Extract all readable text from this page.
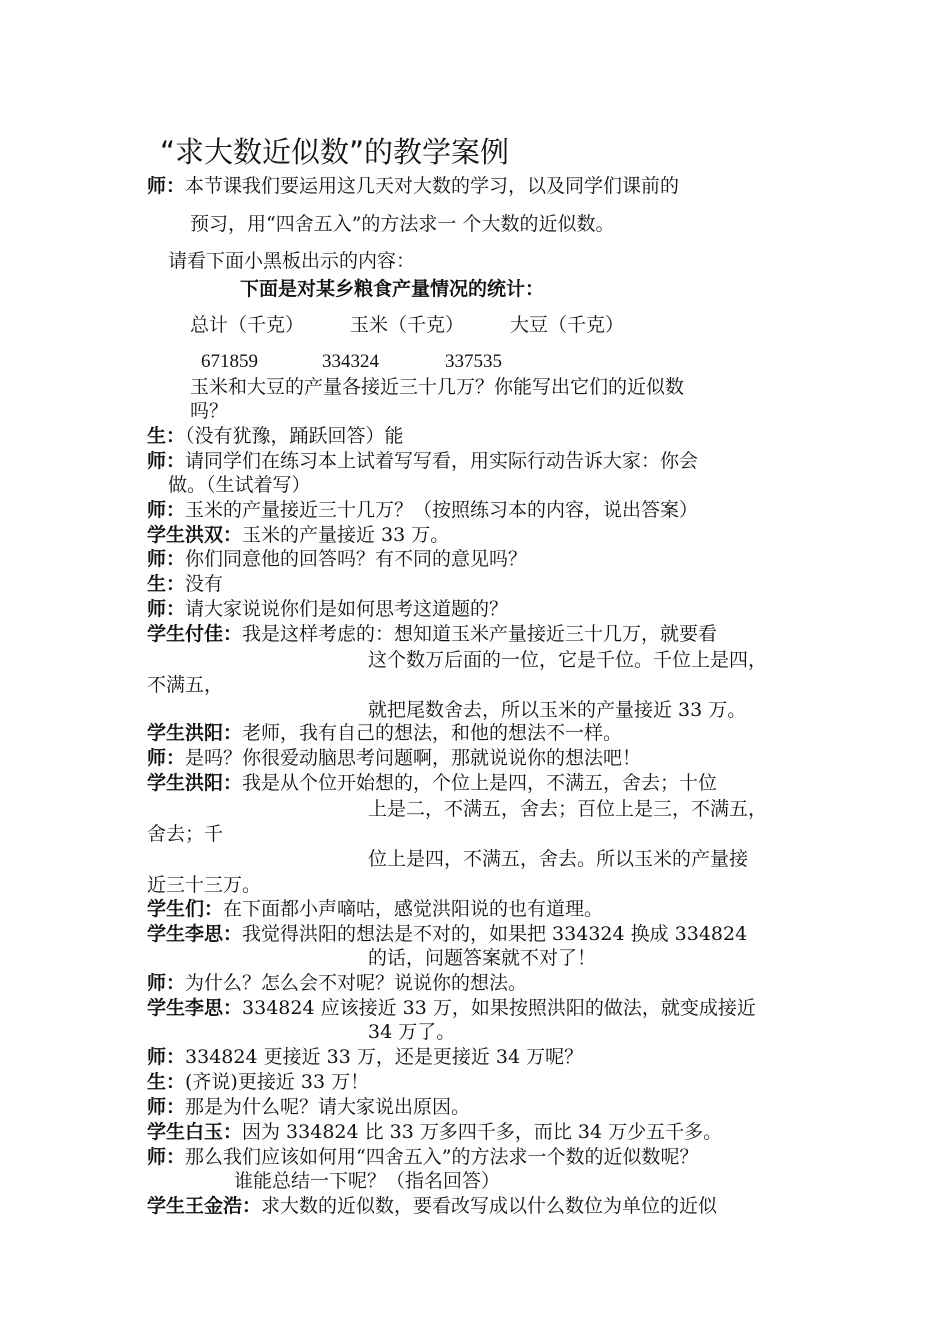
“求大数近似数”的教学案例
师：本节课我们要运用这几天对大数的学习，以及同学们课前的
预习，用“四舍五入”的方法求一 个大数的近似数。
请看下面小黑板出示的内容：
下面是对某乡粮食产量情况的统计：
总计（千克） 玉米（千克） 大豆（千克）
671859	334324	337535
玉米和大豆的产量各接近三十几万？你能写出它们的近似数
吗？
生：（没有犹豫，踊跃回答）能
师：请同学们在练习本上试着写写看，用实际行动告诉大家：你会
做。（生试着写）
师：玉米的产量接近三十几万？（按照练习本的内容，说出答案）
学生洪双：玉米的产量接近 33 万。
师：你们同意他的回答吗？有不同的意见吗？
生：没有
师：请大家说说你们是如何思考这道题的？
学生付佳：我是这样考虑的：想知道玉米产量接近三十几万，就要看
这个数万后面的一位，它是千位。千位上是四，
不满五，
就把尾数舍去，所以玉米的产量接近 33 万。
学生洪阳：老师，我有自己的想法，和他的想法不一样。
师：是吗？你很爱动脑思考问题啊，那就说说你的想法吧！
学生洪阳：我是从个位开始想的，个位上是四，不满五，舍去；十位
上是二，不满五，舍去；百位上是三，不满五，
舍去；千
位上是四，不满五，舍去。所以玉米的产量接
近三十三万。
学生们：在下面都小声嘀咕，感觉洪阳说的也有道理。
学生李思：我觉得洪阳的想法是不对的，如果把 334324 换成 334824
的话，问题答案就不对了！
师：为什么？怎么会不对呢？说说你的想法。
学生李思：334824 应该接近 33 万，如果按照洪阳的做法，就变成接近
34 万了。
师：334824 更接近 33 万，还是更接近 34 万呢？
生：(齐说)更接近 33 万！
师：那是为什么呢？请大家说出原因。
学生白玉：因为 334824 比 33 万多四千多，而比 34 万少五千多。
师：那么我们应该如何用“四舍五入”的方法求一个数的近似数呢？
谁能总结一下呢？（指名回答）
学生王金浩：求大数的近似数，要看改写成以什么数位为单位的近似
